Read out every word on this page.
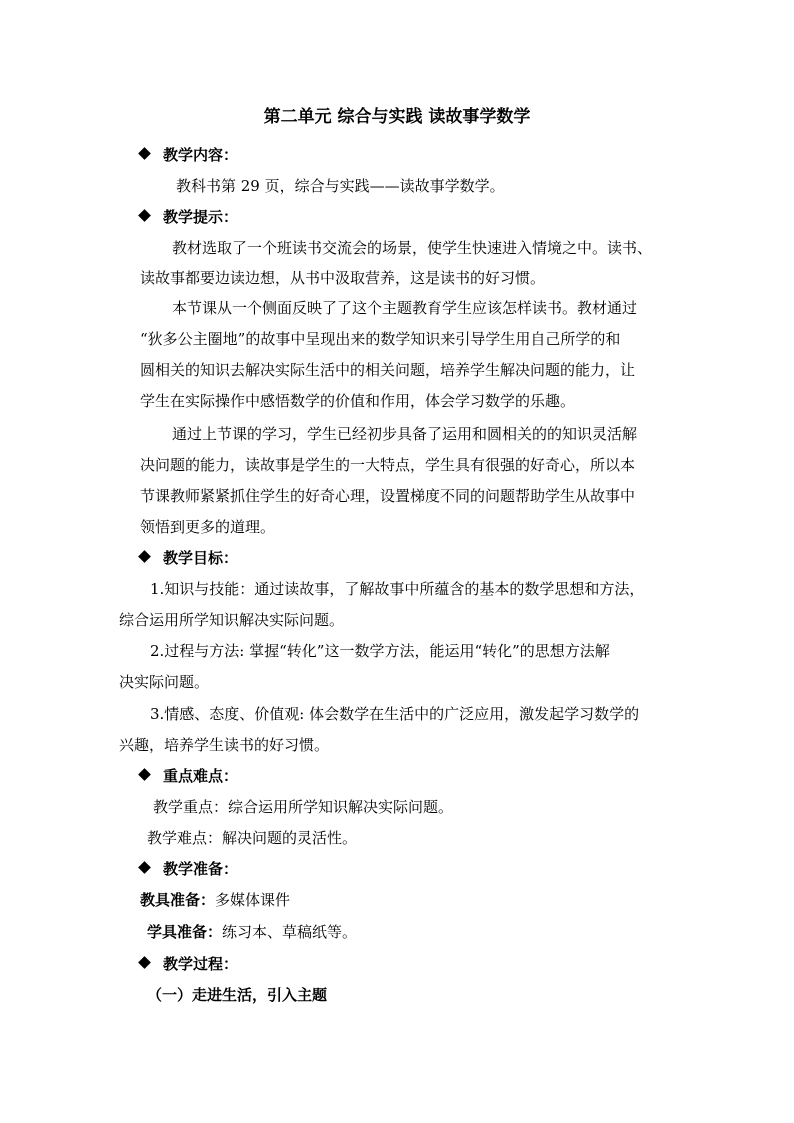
第二单元 综合与实践 读故事学数学
教学内容：

教科书第 29 页，综合与实践——读故事学数学。

教学提示：

教材选取了一个班读书交流会的场景，使学生快速进入情境之中。读书、

读故事都要边读边想，从书中汲取营养，这是读书的好习惯。

本节课从一个侧面反映了了这个主题教育学生应该怎样读书。教材通过

“狄多公主圈地”的故事中呈现出来的数学知识来引导学生用自己所学的和

圆相关的知识去解决实际生活中的相关问题，培养学生解决问题的能力，让

学生在实际操作中感悟数学的价值和作用，体会学习数学的乐趣。

通过上节课的学习，学生已经初步具备了运用和圆相关的的知识灵活解

决问题的能力，读故事是学生的一大特点，学生具有很强的好奇心，所以本

节课教师紧紧抓住学生的好奇心理，设置梯度不同的问题帮助学生从故事中

领悟到更多的道理。

教学目标：

1.知识与技能：通过读故事，了解故事中所蕴含的基本的数学思想和方法，

综合运用所学知识解决实际问题。

2.过程与方法: 掌握“转化”这一数学方法，能运用“转化”的思想方法解

决实际问题。

3.情感、态度、价值观: 体会数学在生活中的广泛应用，激发起学习数学的

兴趣，培养学生读书的好习惯。

重点难点：

教学重点：综合运用所学知识解决实际问题。

教学难点：解决问题的灵活性。

教学准备：

教具准备：多媒体课件

学具准备：练习本、草稿纸等。

教学过程：

（一）走进生活，引入主题
